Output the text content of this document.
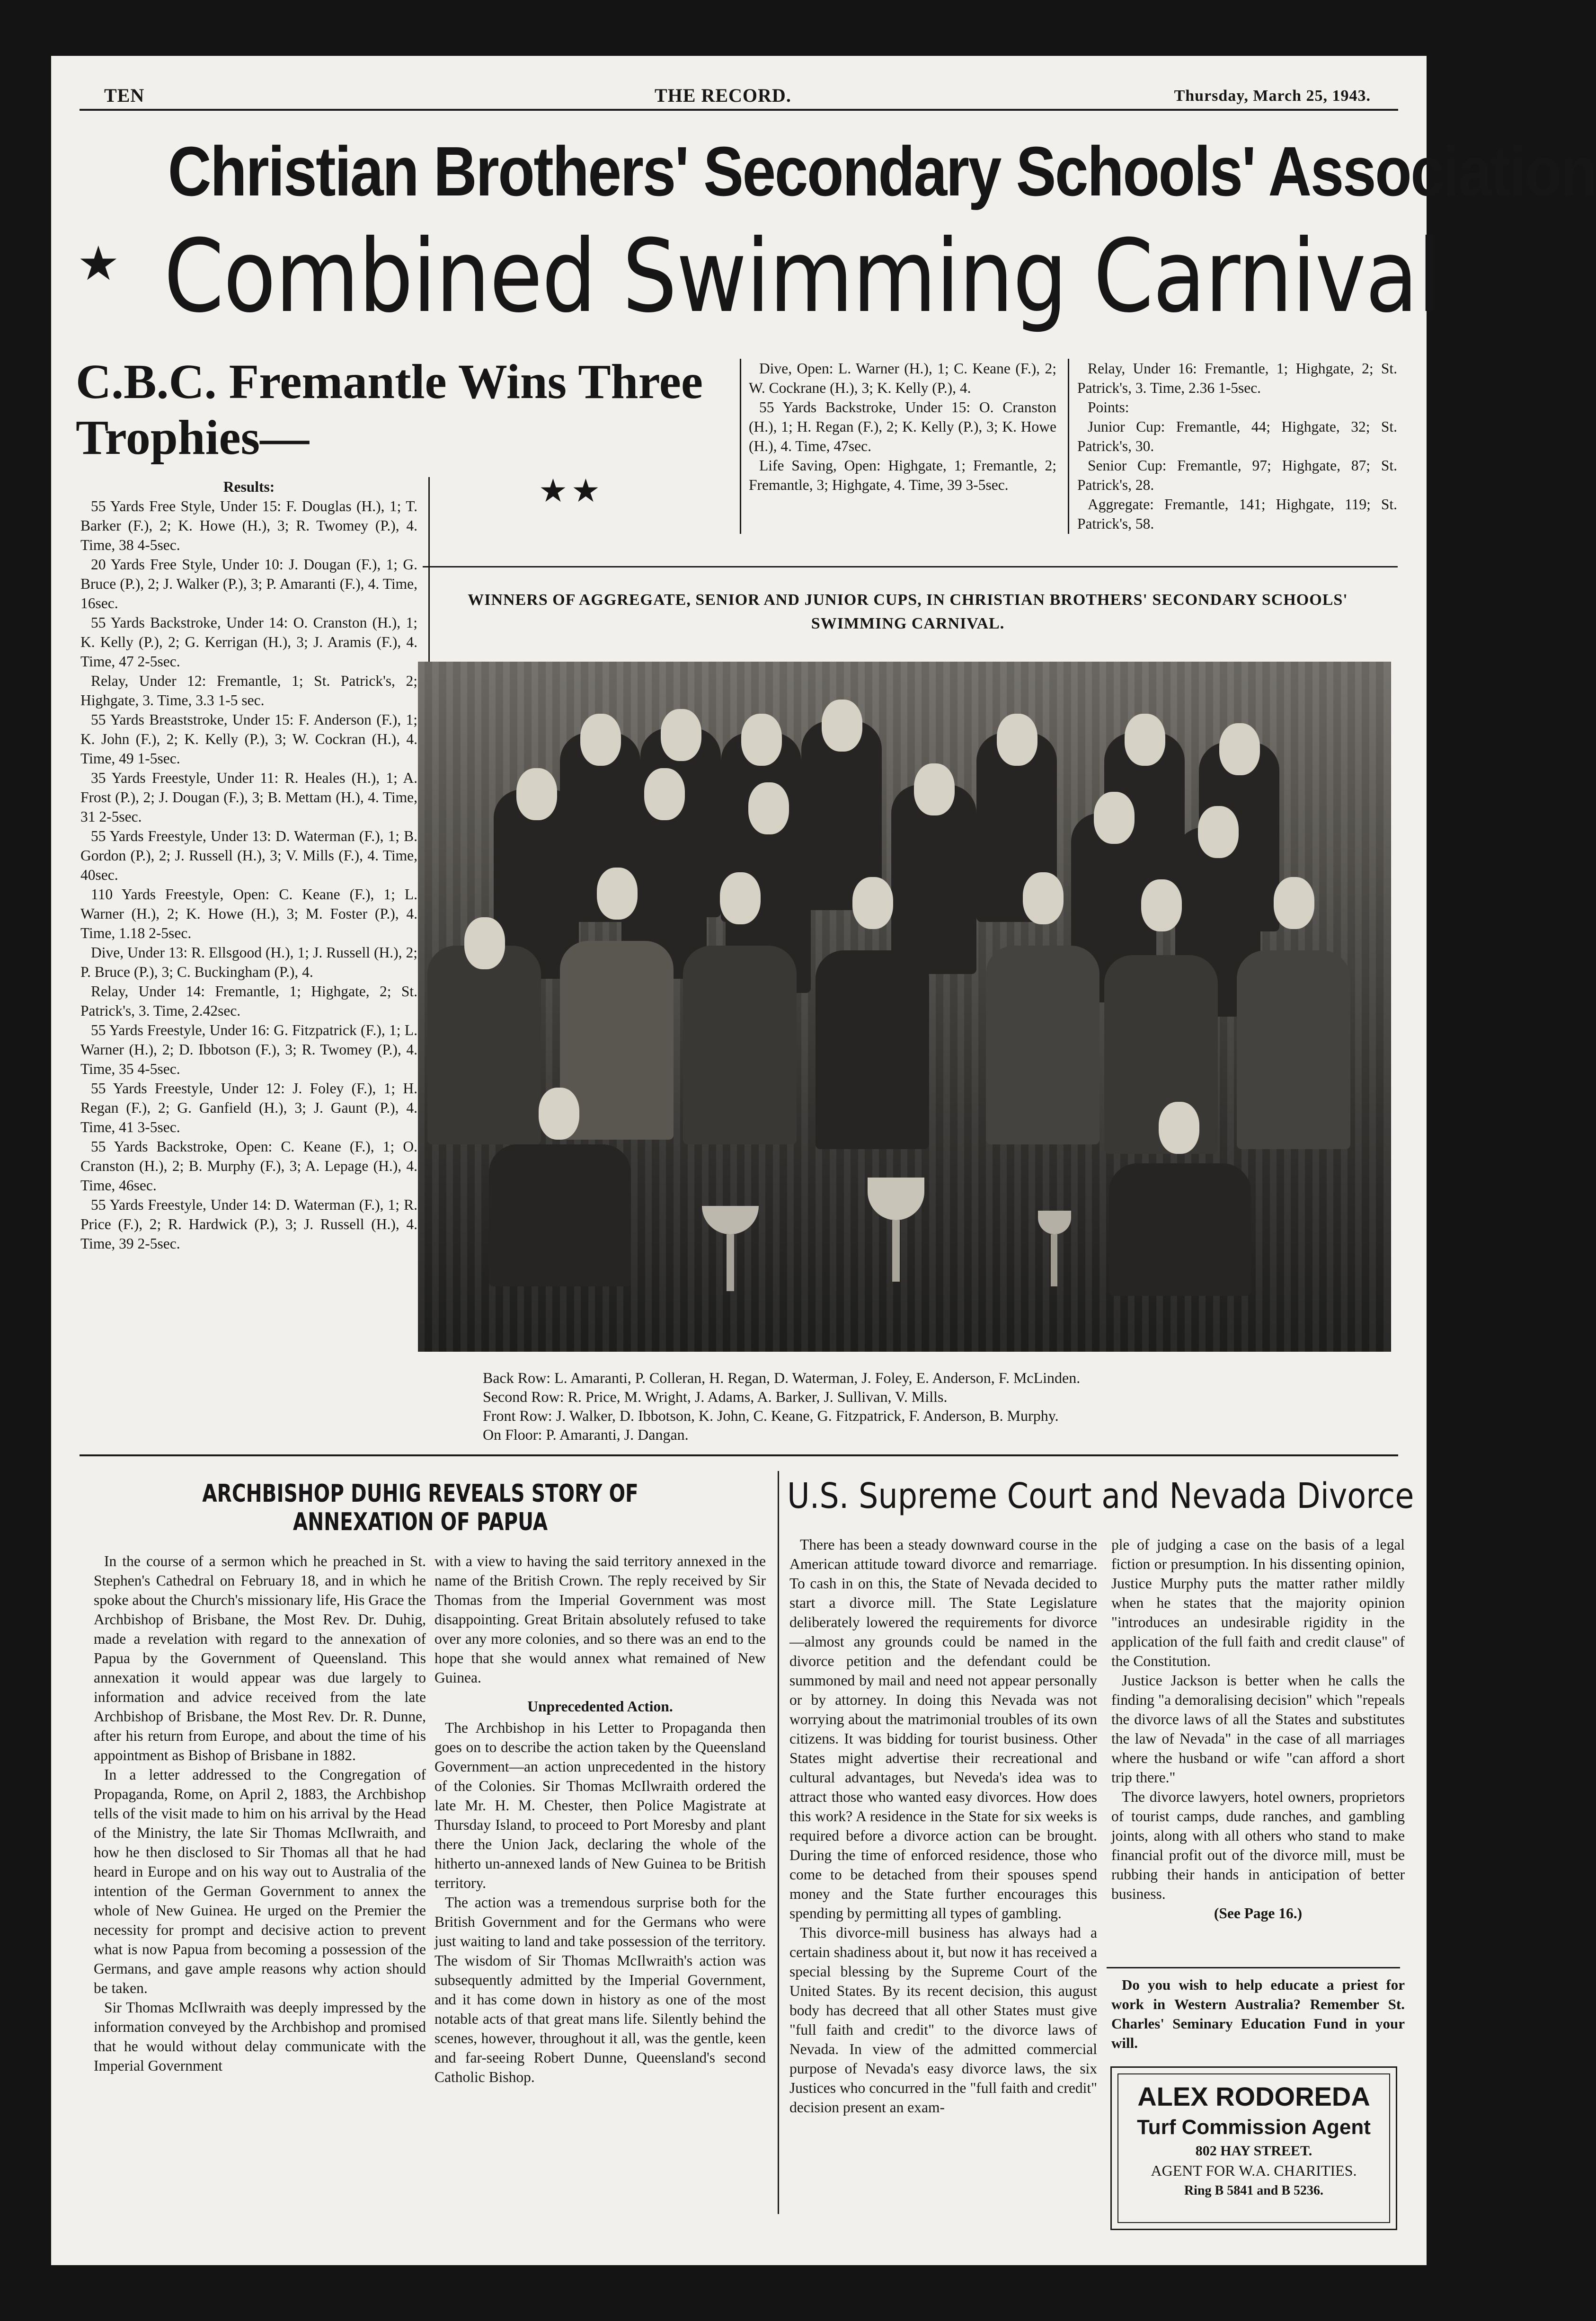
TEN	THE RECORD.	Thursday, March 25, 1943.
Christian Brothers' Secondary Schools' Association
★ Combined Swimming Carnival
C.B.C. Fremantle Wins Three Trophies—

Results:

55 Yards Free Style, Under 15: F. Douglas (H.), 1; T. Barker (F.), 2; K. Howe (H.), 3; R. Twomey (P.), 4. Time, 38 4-5sec.

20 Yards Free Style, Under 10: J. Dougan (F.), 1; G. Bruce (P.), 2; J. Walker (P.), 3; P. Amaranti (F.), 4. Time, 16sec.

55 Yards Backstroke, Under 14: O. Cranston (H.), 1; K. Kelly (P.), 2; G. Kerrigan (H.), 3; J. Aramis (F.), 4. Time, 47 2-5sec.

Relay, Under 12: Fremantle, 1; St. Patrick's, 2; Highgate, 3. Time, 3.3 1-5 sec.

55 Yards Breaststroke, Under 15: F. Anderson (F.), 1; K. John (F.), 2; K. Kelly (P.), 3; W. Cockran (H.), 4. Time, 49 1-5sec.

35 Yards Freestyle, Under 11: R. Heales (H.), 1; A. Frost (P.), 2; J. Dougan (F.), 3; B. Mettam (H.), 4. Time, 31 2-5sec.

55 Yards Freestyle, Under 13: D. Waterman (F.), 1; B. Gordon (P.), 2; J. Russell (H.), 3; V. Mills (F.), 4. Time, 40sec.

110 Yards Freestyle, Open: C. Keane (F.), 1; L. Warner (H.), 2; K. Howe (H.), 3; M. Foster (P.), 4. Time, 1.18 2-5sec.

Dive, Under 13: R. Ellsgood (H.), 1; J. Russell (H.), 2; P. Bruce (P.), 3; C. Buckingham (P.), 4.

Relay, Under 14: Fremantle, 1; Highgate, 2; St. Patrick's, 3. Time, 2.42sec.

55 Yards Freestyle, Under 16: G. Fitzpatrick (F.), 1; L. Warner (H.), 2; D. Ibbotson (F.), 3; R. Twomey (P.), 4. Time, 35 4-5sec.

55 Yards Freestyle, Under 12: J. Foley (F.), 1; H. Regan (F.), 2; G. Ganfield (H.), 3; J. Gaunt (P.), 4. Time, 41 3-5sec.

55 Yards Backstroke, Open: C. Keane (F.), 1; O. Cranston (H.), 2; B. Murphy (F.), 3; A. Lepage (H.), 4. Time, 46sec.

55 Yards Freestyle, Under 14: D. Waterman (F.), 1; R. Price (F.), 2; R. Hardwick (P.), 3; J. Russell (H.), 4. Time, 39 2-5sec.

★★

Dive, Open: L. Warner (H.), 1; C. Keane (F.), 2; W. Cockrane (H.), 3; K. Kelly (P.), 4.

55 Yards Backstroke, Under 15: O. Cranston (H.), 1; H. Regan (F.), 2; K. Kelly (P.), 3; K. Howe (H.), 4. Time, 47sec.

Life Saving, Open: Highgate, 1; Fremantle, 2; Fremantle, 3; Highgate, 4. Time, 39 3-5sec.

Relay, Under 16: Fremantle, 1; Highgate, 2; St. Patrick's, 3. Time, 2.36 1-5sec.

Points:

Junior Cup: Fremantle, 44; Highgate, 32; St. Patrick's, 30.

Senior Cup: Fremantle, 97; Highgate, 87; St. Patrick's, 28.

Aggregate: Fremantle, 141; Highgate, 119; St. Patrick's, 58.

WINNERS OF AGGREGATE, SENIOR AND JUNIOR CUPS, IN CHRISTIAN BROTHERS' SECONDARY SCHOOLS' SWIMMING CARNIVAL.
Back Row: L. Amaranti, P. Colleran, H. Regan, D. Waterman, J. Foley, E. Anderson, F. McLinden.
Second Row: R. Price, M. Wright, J. Adams, A. Barker, J. Sullivan, V. Mills.
Front Row: J. Walker, D. Ibbotson, K. John, C. Keane, G. Fitzpatrick, F. Anderson, B. Murphy.
On Floor: P. Amaranti, J. Dangan.
ARCHBISHOP DUHIG REVEALS STORY OF ANNEXATION OF PAPUA

In the course of a sermon which he preached in St. Stephen's Cathedral on February 18, and in which he spoke about the Church's missionary life, His Grace the Archbishop of Brisbane, the Most Rev. Dr. Duhig, made a revelation with regard to the annexation of Papua by the Government of Queensland. This annexation it would appear was due largely to information and advice received from the late Archbishop of Brisbane, the Most Rev. Dr. R. Dunne, after his return from Europe, and about the time of his appointment as Bishop of Brisbane in 1882.

In a letter addressed to the Congregation of Propaganda, Rome, on April 2, 1883, the Archbishop tells of the visit made to him on his arrival by the Head of the Ministry, the late Sir Thomas McIlwraith, and how he then disclosed to Sir Thomas all that he had heard in Europe and on his way out to Australia of the intention of the German Government to annex the whole of New Guinea. He urged on the Premier the necessity for prompt and decisive action to prevent what is now Papua from becoming a possession of the Germans, and gave ample reasons why action should be taken.

Sir Thomas McIlwraith was deeply impressed by the information conveyed by the Archbishop and promised that he would without delay communicate with the Imperial Government

with a view to having the said territory annexed in the name of the British Crown. The reply received by Sir Thomas from the Imperial Government was most disappointing. Great Britain absolutely refused to take over any more colonies, and so there was an end to the hope that she would annex what remained of New Guinea.

Unprecedented Action.

The Archbishop in his Letter to Propaganda then goes on to describe the action taken by the Queensland Government—an action unprecedented in the history of the Colonies. Sir Thomas McIlwraith ordered the late Mr. H. M. Chester, then Police Magistrate at Thursday Island, to proceed to Port Moresby and plant there the Union Jack, declaring the whole of the hitherto un-annexed lands of New Guinea to be British territory.

The action was a tremendous surprise both for the British Government and for the Germans who were just waiting to land and take possession of the territory. The wisdom of Sir Thomas McIlwraith's action was subsequently admitted by the Imperial Government, and it has come down in history as one of the most notable acts of that great mans life. Silently behind the scenes, however, throughout it all, was the gentle, keen and far-seeing Robert Dunne, Queensland's second Catholic Bishop.

U.S. Supreme Court and Nevada Divorce

There has been a steady downward course in the American attitude toward divorce and remarriage. To cash in on this, the State of Nevada decided to start a divorce mill. The State Legislature deliberately lowered the requirements for divorce—almost any grounds could be named in the divorce petition and the defendant could be summoned by mail and need not appear personally or by attorney. In doing this Nevada was not worrying about the matrimonial troubles of its own citizens. It was bidding for tourist business. Other States might advertise their recreational and cultural advantages, but Neveda's idea was to attract those who wanted easy divorces. How does this work? A residence in the State for six weeks is required before a divorce action can be brought. During the time of enforced residence, those who come to be detached from their spouses spend money and the State further encourages this spending by permitting all types of gambling.

This divorce-mill business has always had a certain shadiness about it, but now it has received a special blessing by the Supreme Court of the United States. By its recent decision, this august body has decreed that all other States must give "full faith and credit" to the divorce laws of Nevada. In view of the admitted commercial purpose of Nevada's easy divorce laws, the six Justices who concurred in the "full faith and credit" decision present an exam-

ple of judging a case on the basis of a legal fiction or presumption. In his dissenting opinion, Justice Murphy puts the matter rather mildly when he states that the majority opinion "introduces an undesirable rigidity in the application of the full faith and credit clause" of the Constitution.

Justice Jackson is better when he calls the finding "a demoralising decision" which "repeals the divorce laws of all the States and substitutes the law of Nevada" in the case of all marriages where the husband or wife "can afford a short trip there."

The divorce lawyers, hotel owners, proprietors of tourist camps, dude ranches, and gambling joints, along with all others who stand to make financial profit out of the divorce mill, must be rubbing their hands in anticipation of better business.

(See Page 16.)

Do you wish to help educate a priest for work in Western Australia? Remember St. Charles' Seminary Education Fund in your will.

ALEX RODOREDA
Turf Commission Agent
802 HAY STREET.
AGENT FOR W.A. CHARITIES.
Ring B 5841 and B 5236.
